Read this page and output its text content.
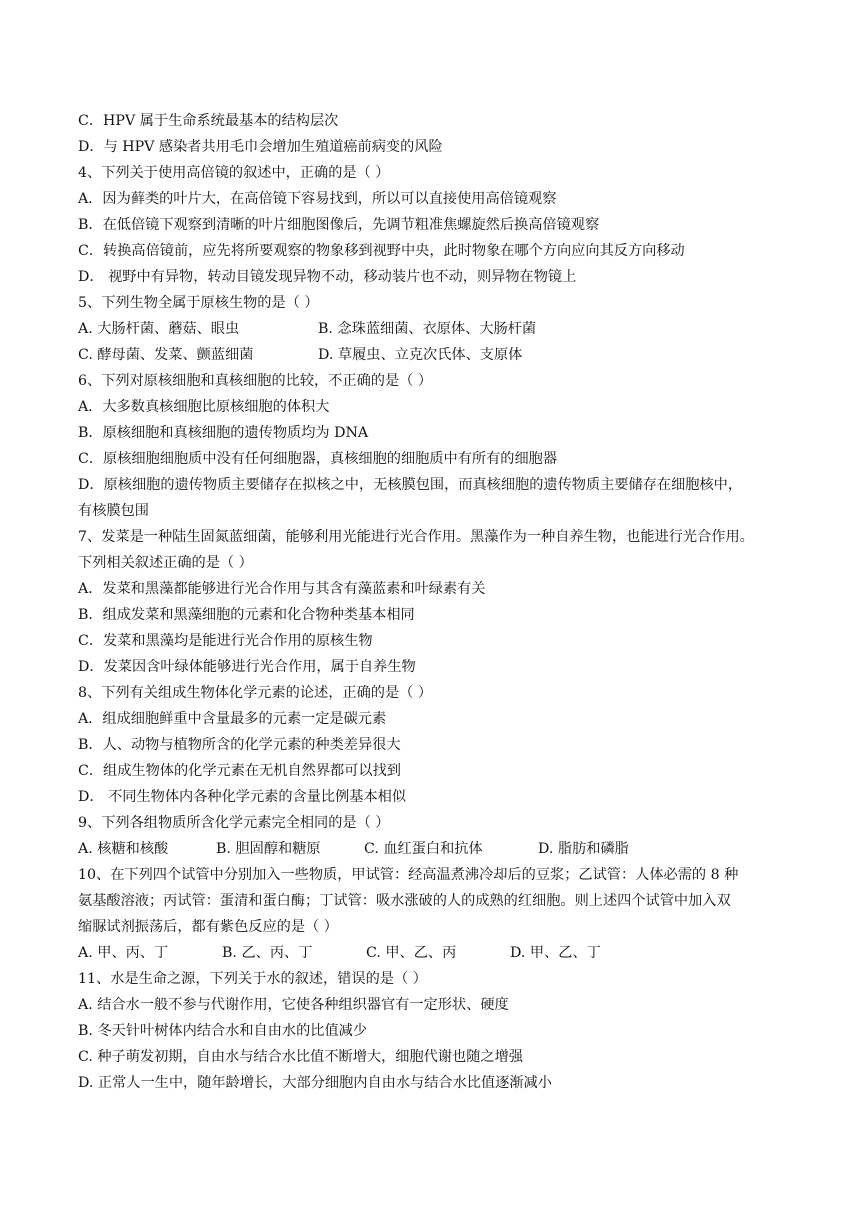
C．HPV 属于生命系统最基本的结构层次
D．与 HPV 感染者共用毛巾会增加生殖道癌前病变的风险
4、下列关于使用高倍镜的叙述中，正确的是（ ）
A．因为藓类的叶片大，在高倍镜下容易找到，所以可以直接使用高倍镜观察
B．在低倍镜下观察到清晰的叶片细胞图像后，先调节粗准焦螺旋然后换高倍镜观察
C．转换高倍镜前，应先将所要观察的物象移到视野中央，此时物象在哪个方向应向其反方向移动
D． 视野中有异物，转动目镜发现异物不动，移动装片也不动，则异物在物镜上
5、下列生物全属于原核生物的是（ ）
A. 大肠杆菌、蘑菇、眼虫	B. 念珠蓝细菌、衣原体、大肠杆菌
C. 酵母菌、发菜、颤蓝细菌	D. 草履虫、立克次氏体、支原体
6、下列对原核细胞和真核细胞的比较，不正确的是（ ）
A．大多数真核细胞比原核细胞的体积大
B．原核细胞和真核细胞的遗传物质均为 DNA
C．原核细胞细胞质中没有任何细胞器，真核细胞的细胞质中有所有的细胞器
D．原核细胞的遗传物质主要储存在拟核之中，无核膜包围，而真核细胞的遗传物质主要储存在细胞核中，
有核膜包围
7、发菜是一种陆生固氮蓝细菌，能够利用光能进行光合作用。黑藻作为一种自养生物，也能进行光合作用。
下列相关叙述正确的是（ ）
A．发菜和黑藻都能够进行光合作用与其含有藻蓝素和叶绿素有关
B．组成发菜和黑藻细胞的元素和化合物种类基本相同
C．发菜和黑藻均是能进行光合作用的原核生物
D．发菜因含叶绿体能够进行光合作用，属于自养生物
8、下列有关组成生物体化学元素的论述，正确的是（ ）
A．组成细胞鲜重中含量最多的元素一定是碳元素
B．人、动物与植物所含的化学元素的种类差异很大
C．组成生物体的化学元素在无机自然界都可以找到
D． 不同生物体内各种化学元素的含量比例基本相似
9、下列各组物质所含化学元素完全相同的是（ ）
A. 核糖和核酸	B. 胆固醇和糖原	C. 血红蛋白和抗体	D. 脂肪和磷脂
10、在下列四个试管中分别加入一些物质，甲试管：经高温煮沸冷却后的豆浆；乙试管：人体必需的 8 种
氨基酸溶液；丙试管：蛋清和蛋白酶；丁试管：吸水涨破的人的成熟的红细胞。则上述四个试管中加入双
缩脲试剂振荡后，都有紫色反应的是（ ）
A. 甲、丙、丁	B. 乙、丙、丁	C. 甲、乙、丙	D. 甲、乙、丁
11、水是生命之源，下列关于水的叙述，错误的是（ ）
A. 结合水一般不参与代谢作用，它使各种组织器官有一定形状、硬度
B. 冬天针叶树体内结合水和自由水的比值减少
C. 种子萌发初期，自由水与结合水比值不断增大，细胞代谢也随之增强
D. 正常人一生中，随年龄增长，大部分细胞内自由水与结合水比值逐渐减小
